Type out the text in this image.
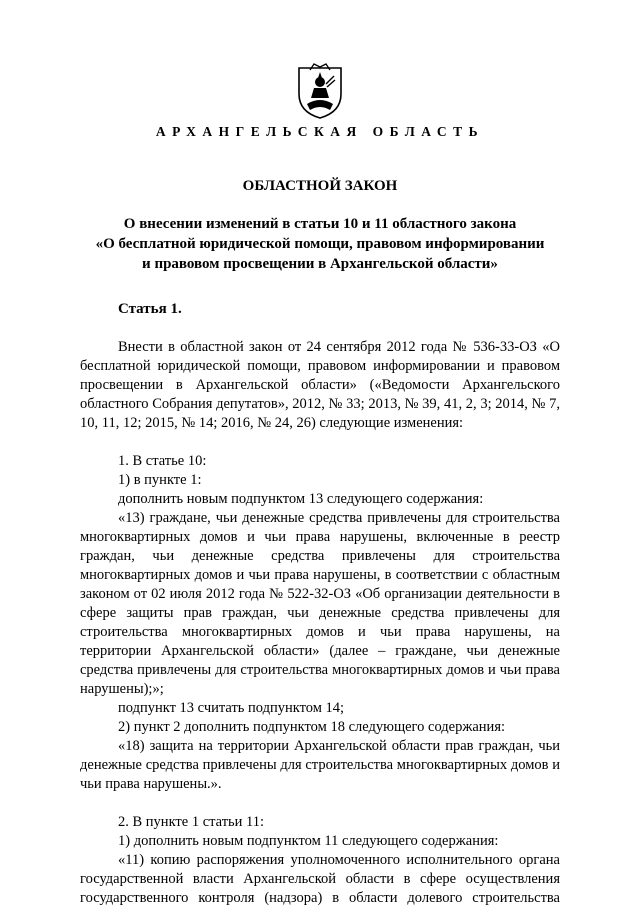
АРХАНГЕЛЬСКАЯ ОБЛАСТЬ
ОБЛАСТНОЙ ЗАКОН
О внесении изменений в статьи 10 и 11 областного закона
«О бесплатной юридической помощи, правовом информировании
и правовом просвещении в Архангельской области»
Статья 1.

Внести в областной закон от 24 сентября 2012 года № 536-33-ОЗ «О бесплатной юридической помощи, правовом информировании и правовом просвещении в Архангельской области» («Ведомости Архангельского областного Собрания депутатов», 2012, № 33; 2013, № 39, 41, 2, 3; 2014, № 7, 10, 11, 12; 2015, № 14; 2016, № 24, 26) следующие изменения:

1. В статье 10:

1) в пункте 1:

дополнить новым подпунктом 13 следующего содержания:

«13) граждане, чьи денежные средства привлечены для строительства многоквартирных домов и чьи права нарушены, включенные в реестр граждан, чьи денежные средства привлечены для строительства многоквартирных домов и чьи права нарушены, в соответствии с областным законом от 02 июля 2012 года № 522-32-ОЗ «Об организации деятельности в сфере защиты прав граждан, чьи денежные средства привлечены для строительства многоквартирных домов и чьи права нарушены, на территории Архангельской области» (далее – граждане, чьи денежные средства привлечены для строительства многоквартирных домов и чьи права нарушены);»;

подпункт 13 считать подпунктом 14;

2) пункт 2 дополнить подпунктом 18 следующего содержания:

«18) защита на территории Архангельской области прав граждан, чьи денежные средства привлечены для строительства многоквартирных домов и чьи права нарушены.».

2. В пункте 1 статьи 11:

1) дополнить новым подпунктом 11 следующего содержания:

«11) копию распоряжения уполномоченного исполнительного органа государственной власти Архангельской области в сфере осуществления государственного контроля (надзора) в области долевого строительства
